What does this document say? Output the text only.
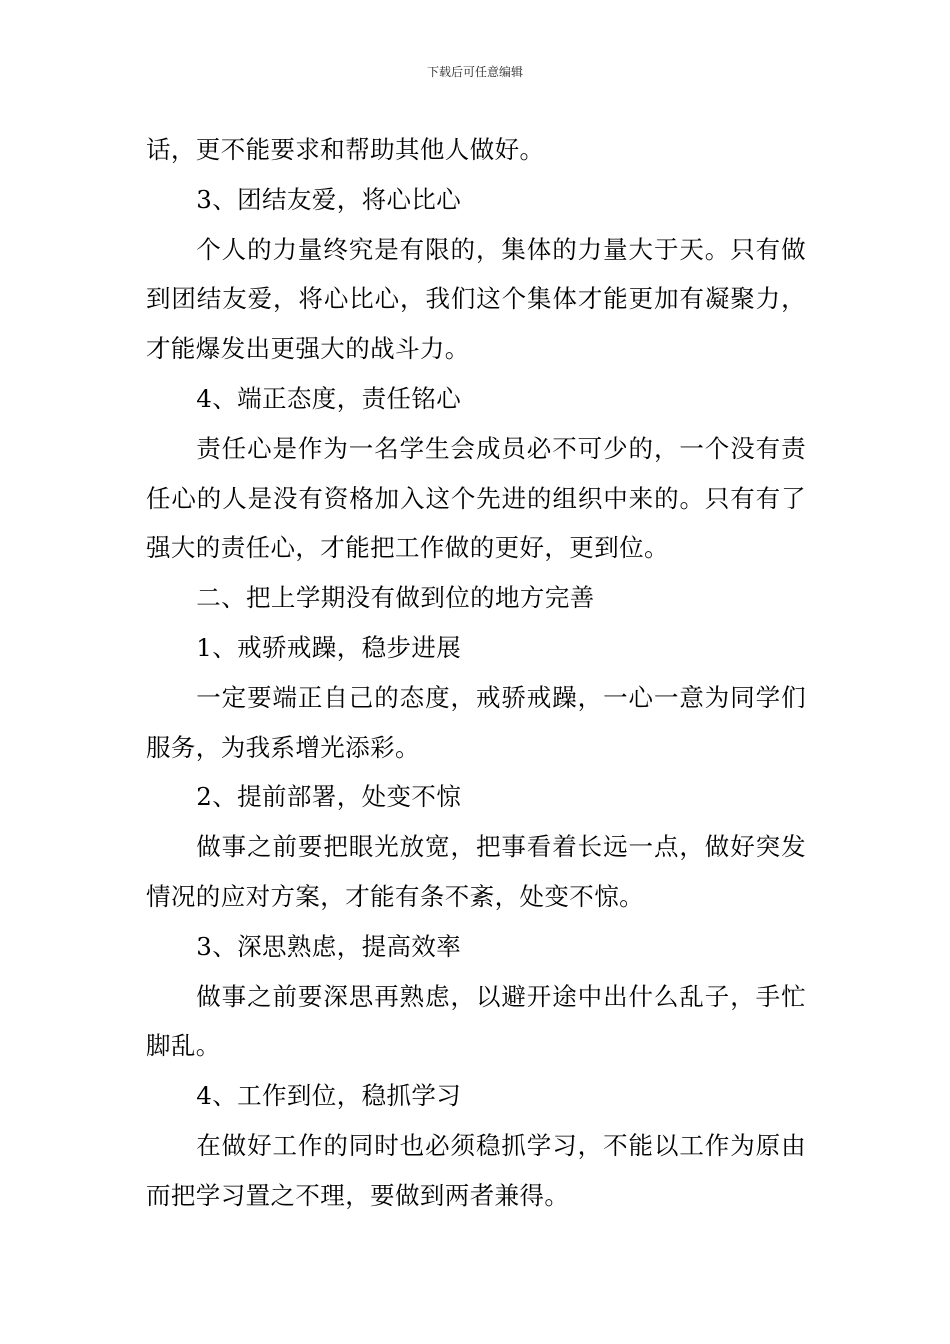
下载后可任意编辑

话，更不能要求和帮助其他人做好。

3、团结友爱，将心比心

个人的力量终究是有限的，集体的力量大于天。只有做到团结友爱，将心比心，我们这个集体才能更加有凝聚力，才能爆发出更强大的战斗力。

4、端正态度，责任铭心

责任心是作为一名学生会成员必不可少的，一个没有责任心的人是没有资格加入这个先进的组织中来的。只有有了强大的责任心，才能把工作做的更好，更到位。

二、把上学期没有做到位的地方完善

1、戒骄戒躁，稳步进展

一定要端正自己的态度，戒骄戒躁，一心一意为同学们服务，为我系增光添彩。

2、提前部署，处变不惊

做事之前要把眼光放宽，把事看着长远一点，做好突发情况的应对方案，才能有条不紊，处变不惊。

3、深思熟虑，提高效率

做事之前要深思再熟虑，以避开途中出什么乱子，手忙脚乱。

4、工作到位，稳抓学习

在做好工作的同时也必须稳抓学习，不能以工作为原由而把学习置之不理，要做到两者兼得。
